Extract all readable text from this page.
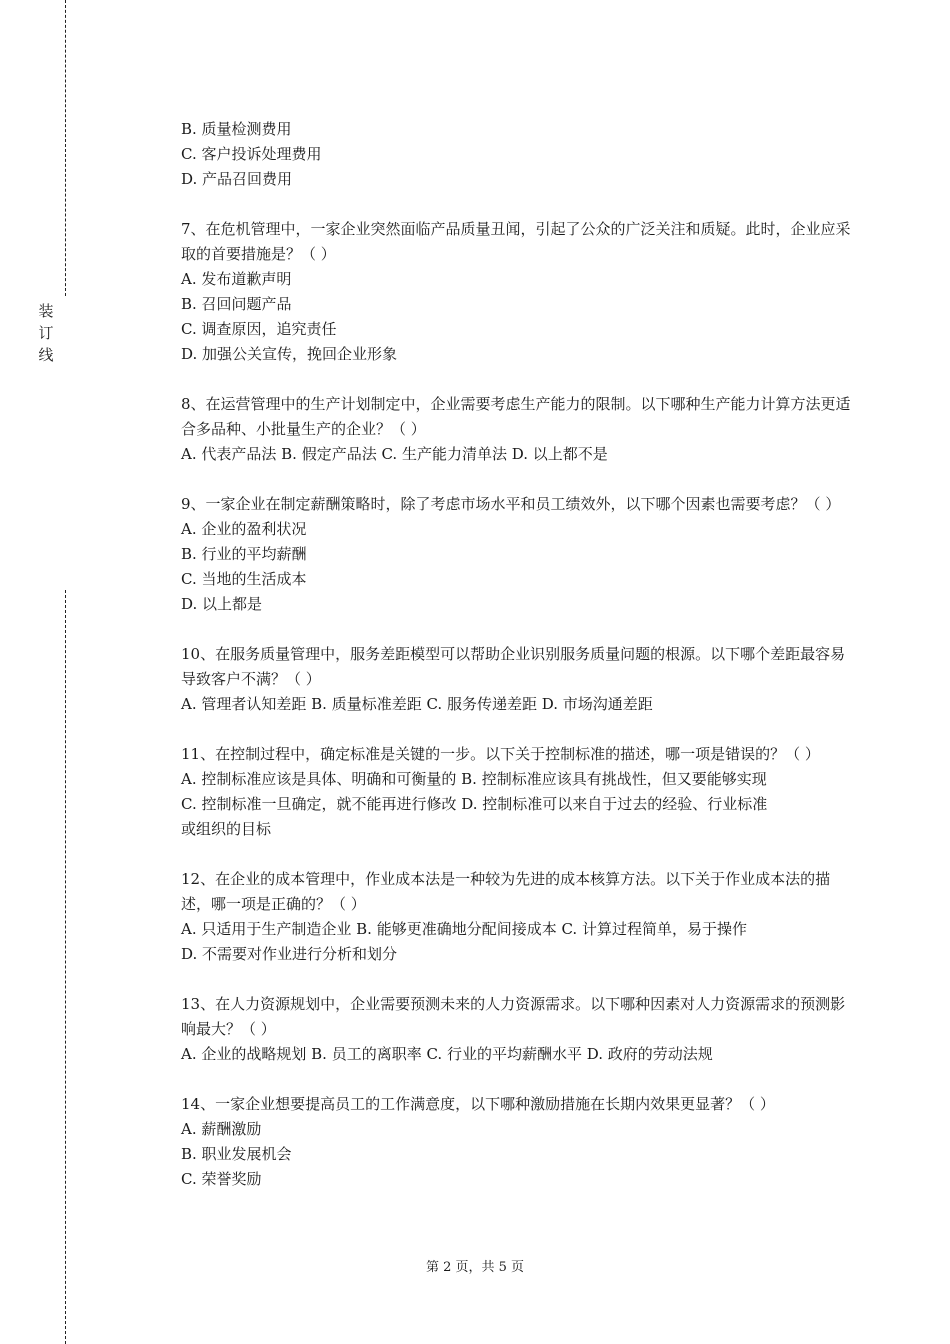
装
订
线
B. 质量检测费用
C. 客户投诉处理费用
D. 产品召回费用
7、在危机管理中，一家企业突然面临产品质量丑闻，引起了公众的广泛关注和质疑。此时，企业应采取的首要措施是？（ ）
A. 发布道歉声明
B. 召回问题产品
C. 调查原因，追究责任
D. 加强公关宣传，挽回企业形象
8、在运营管理中的生产计划制定中，企业需要考虑生产能力的限制。以下哪种生产能力计算方法更适合多品种、小批量生产的企业？（ ）
A. 代表产品法 B. 假定产品法 C. 生产能力清单法 D. 以上都不是
9、一家企业在制定薪酬策略时，除了考虑市场水平和员工绩效外，以下哪个因素也需要考虑？（ ）
A. 企业的盈利状况
B. 行业的平均薪酬
C. 当地的生活成本
D. 以上都是
10、在服务质量管理中，服务差距模型可以帮助企业识别服务质量问题的根源。以下哪个差距最容易导致客户不满？（ ）
A. 管理者认知差距 B. 质量标准差距 C. 服务传递差距 D. 市场沟通差距
11、在控制过程中，确定标准是关键的一步。以下关于控制标准的描述，哪一项是错误的？（ ）
A. 控制标准应该是具体、明确和可衡量的 B. 控制标准应该具有挑战性，但又要能够实现
C. 控制标准一旦确定，就不能再进行修改 D. 控制标准可以来自于过去的经验、行业标准
或组织的目标
12、在企业的成本管理中，作业成本法是一种较为先进的成本核算方法。以下关于作业成本法的描述，哪一项是正确的？（ ）
A. 只适用于生产制造企业 B. 能够更准确地分配间接成本 C. 计算过程简单，易于操作
D. 不需要对作业进行分析和划分
13、在人力资源规划中，企业需要预测未来的人力资源需求。以下哪种因素对人力资源需求的预测影响最大？（ ）
A. 企业的战略规划 B. 员工的离职率 C. 行业的平均薪酬水平 D. 政府的劳动法规
14、一家企业想要提高员工的工作满意度，以下哪种激励措施在长期内效果更显著？（ ）
A. 薪酬激励
B. 职业发展机会
C. 荣誉奖励
第 2 页，共 5 页
